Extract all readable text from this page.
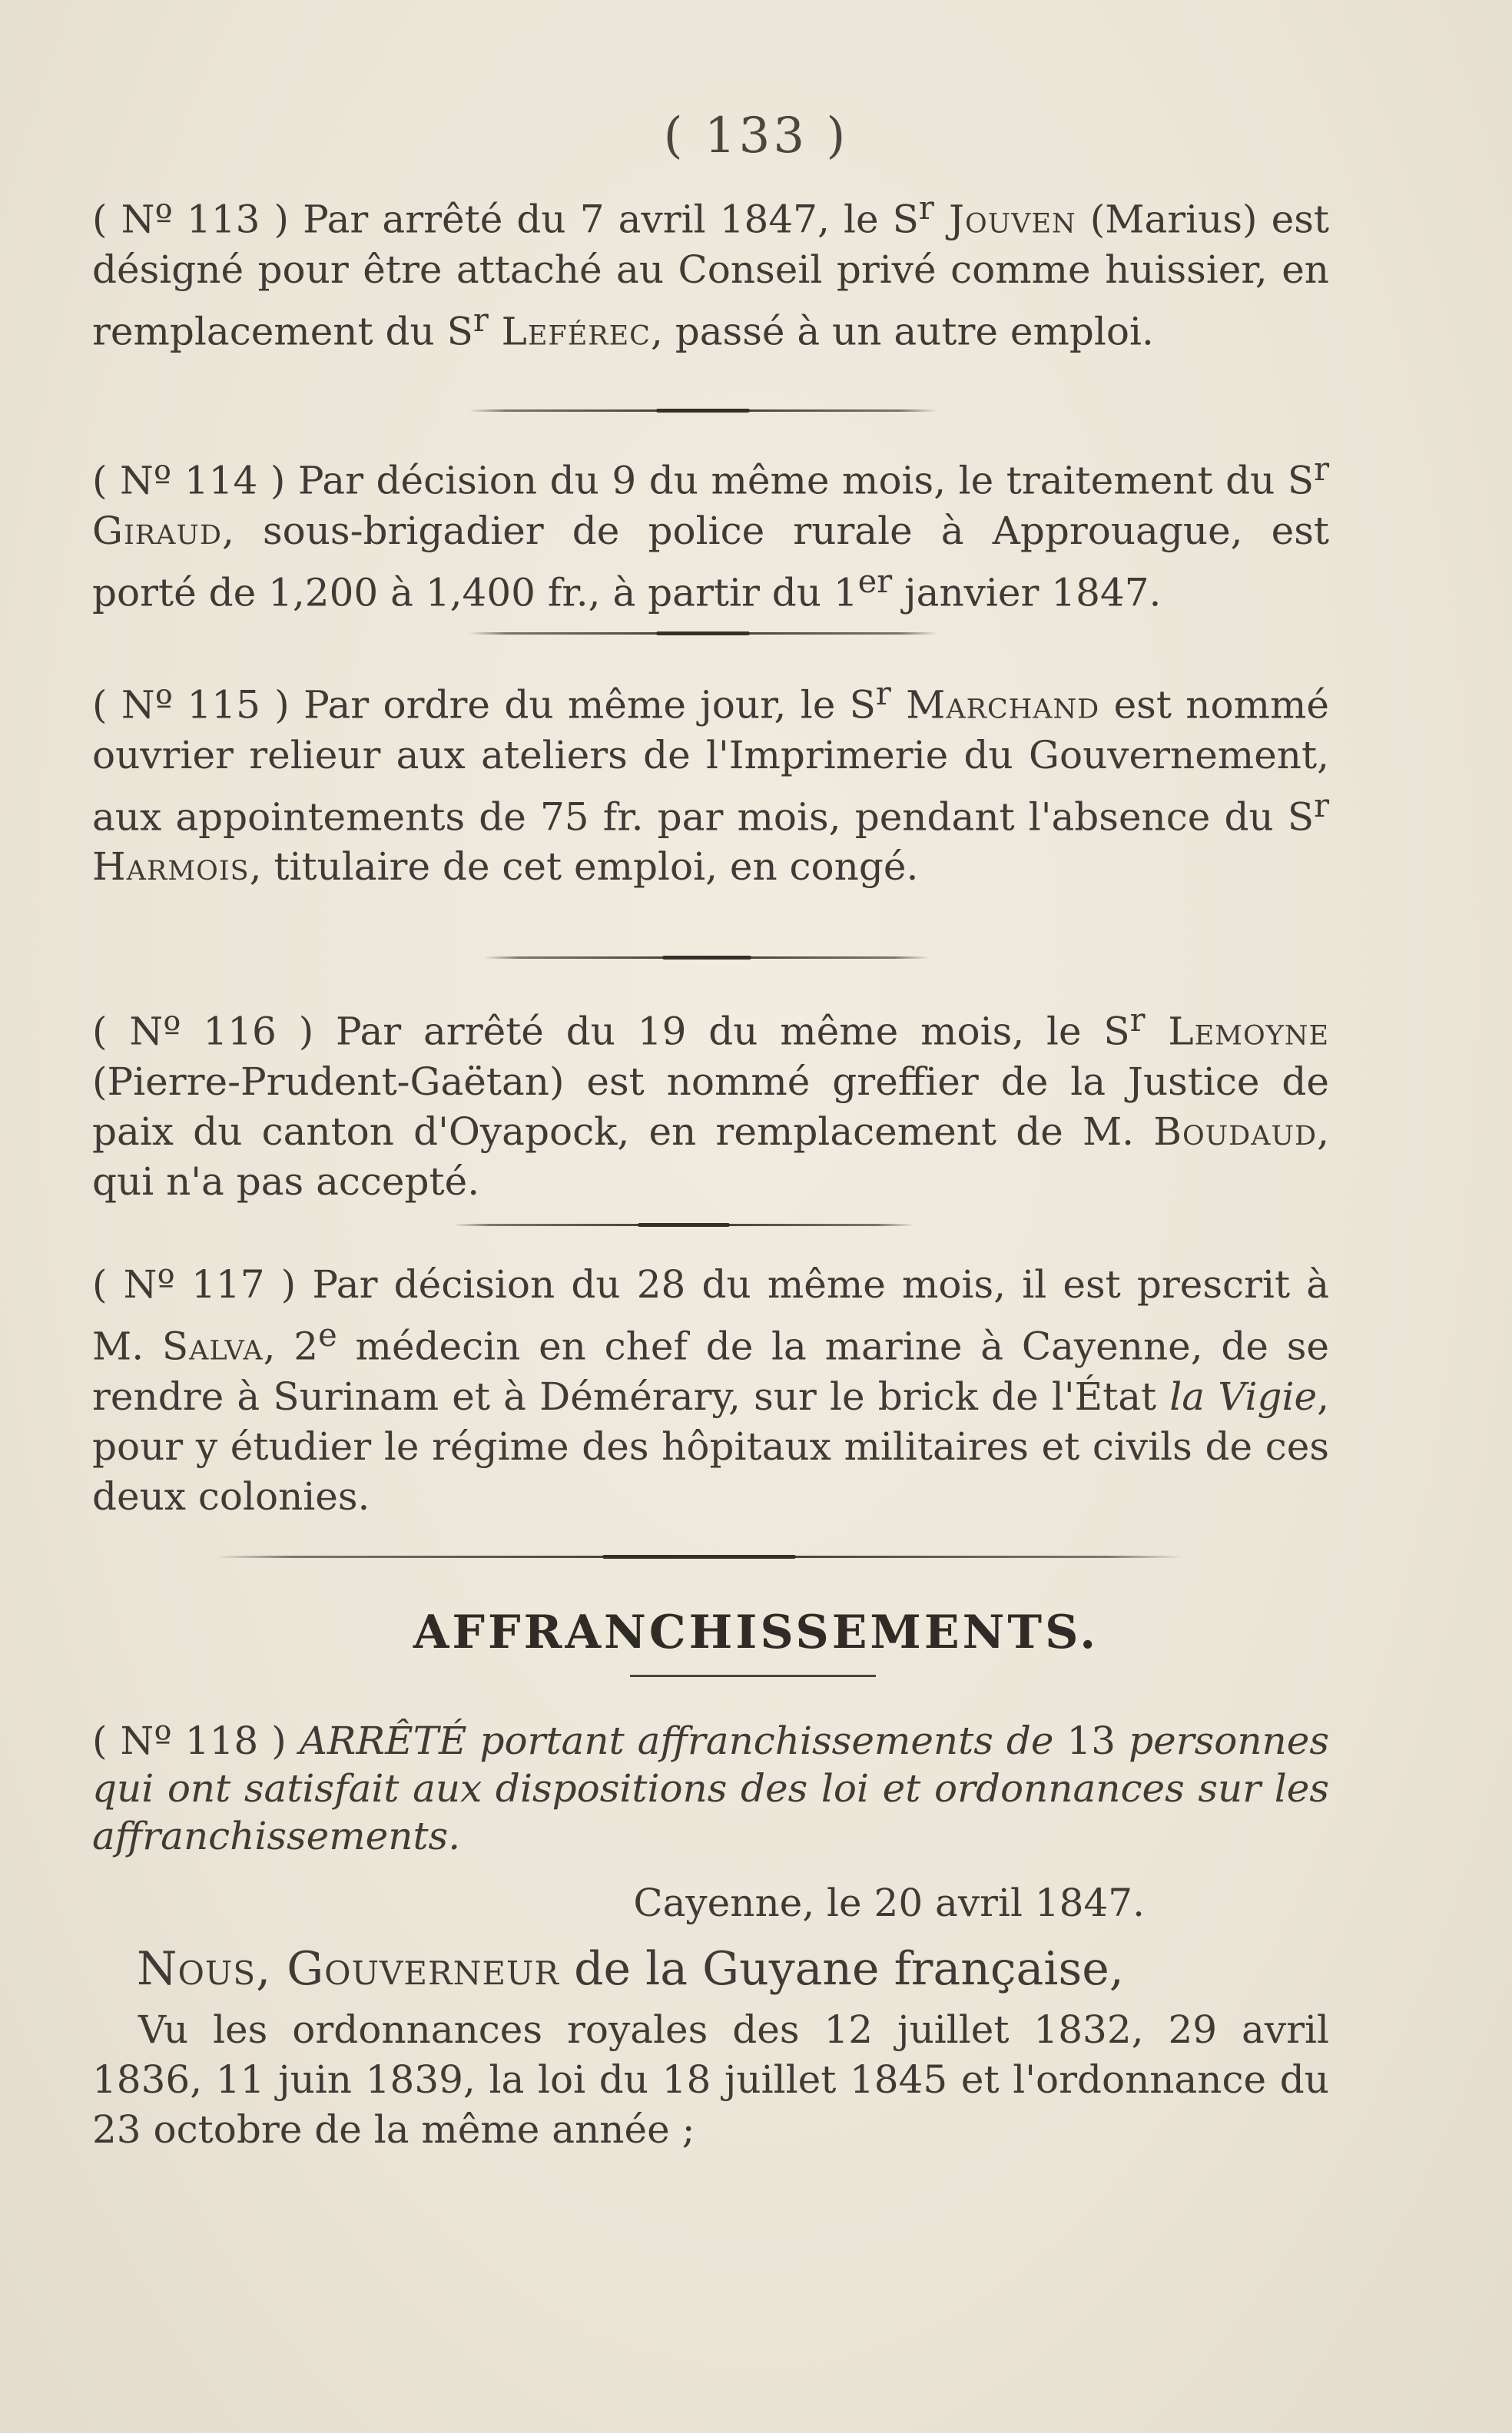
( 133 )

( Nº 113 ) Par arrêté du 7 avril 1847, le $S^r$ Jouven (Marius) est désigné pour être attaché au Conseil privé comme huissier, en remplacement du $S^r$ Leférec, passé à un autre emploi.

( Nº 114 ) Par décision du 9 du même mois, le traitement du $S^r$ Giraud, sous-brigadier de police rurale à Approuague, est porté de 1,200 à 1,400 fr., à partir du 1er janvier 1847.

( Nº 115 ) Par ordre du même jour, le $S^r$ Marchand est nommé ouvrier relieur aux ateliers de l'Imprimerie du Gouvernement, aux appointements de 75 fr. par mois, pendant l'absence du $S^r$ Harmois, titulaire de cet emploi, en congé.

( Nº 116 ) Par arrêté du 19 du même mois, le $S^r$ Lemoyne (Pierre-Prudent-Gaëtan) est nommé greffier de la Justice de paix du canton d'Oyapock, en remplacement de M. Boudaud, qui n'a pas accepté.

( Nº 117 ) Par décision du 28 du même mois, il est prescrit à M. Salva, 2e médecin en chef de la marine à Cayenne, de se rendre à Surinam et à Démérary, sur le brick de l'État la Vigie, pour y étudier le régime des hôpitaux militaires et civils de ces deux colonies.

AFFRANCHISSEMENTS.

( Nº 118 ) ARRÊTÉ portant affranchissements de 13 personnes qui ont satisfait aux dispositions des loi et ordonnances sur les affranchissements.

Cayenne, le 20 avril 1847.
Nous, Gouverneur de la Guyane française,

Vu les ordonnances royales des 12 juillet 1832, 29 avril 1836, 11 juin 1839, la loi du 18 juillet 1845 et l'ordonnance du 23 octobre de la même année ;
